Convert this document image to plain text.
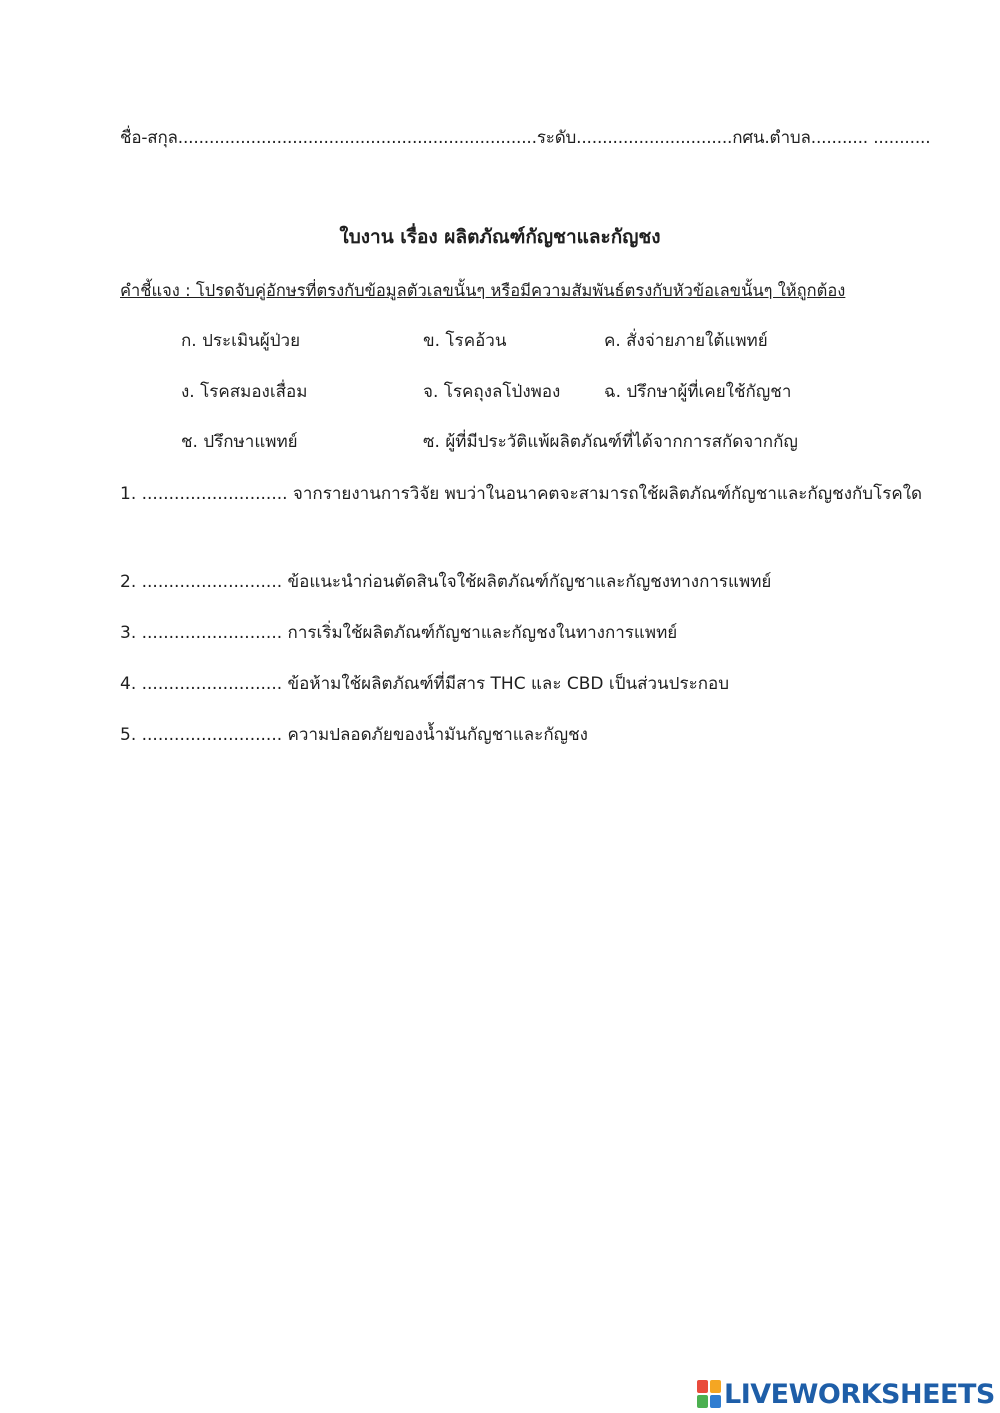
ชื่อ-สกุล.....................................................................ระดับ..............................กศน.ตำบล........... ...........
ใบงาน เรื่อง ผลิตภัณฑ์กัญชาและกัญชง
คำชี้แจง : โปรดจับคู่อักษรที่ตรงกับข้อมูลตัวเลขนั้นๆ หรือมีความสัมพันธ์ตรงกับหัวข้อเลขนั้นๆ ให้ถูกต้อง
ก. ประเมินผู้ป่วย	ข. โรคอ้วน	ค. สั่งจ่ายภายใต้แพทย์
ง. โรคสมองเสื่อม	จ. โรคถุงลโป่งพอง	ฉ. ปรึกษาผู้ที่เคยใช้กัญชา
ช. ปรึกษาแพทย์	ซ. ผู้ที่มีประวัติแพ้ผลิตภัณฑ์ที่ได้จากการสกัดจากกัญ
1. ........................... จากรายงานการวิจัย พบว่าในอนาคตจะสามารถใช้ผลิตภัณฑ์กัญชาและกัญชงกับโรคใด
2. .......................... ข้อแนะนำก่อนตัดสินใจใช้ผลิตภัณฑ์กัญชาและกัญชงทางการแพทย์
3. .......................... การเริ่มใช้ผลิตภัณฑ์กัญชาและกัญชงในทางการแพทย์
4. .......................... ข้อห้ามใช้ผลิตภัณฑ์ที่มีสาร THC และ CBD เป็นส่วนประกอบ
5. .......................... ความปลอดภัยของน้ำมันกัญชาและกัญชง
LIVEWORKSHEETS
